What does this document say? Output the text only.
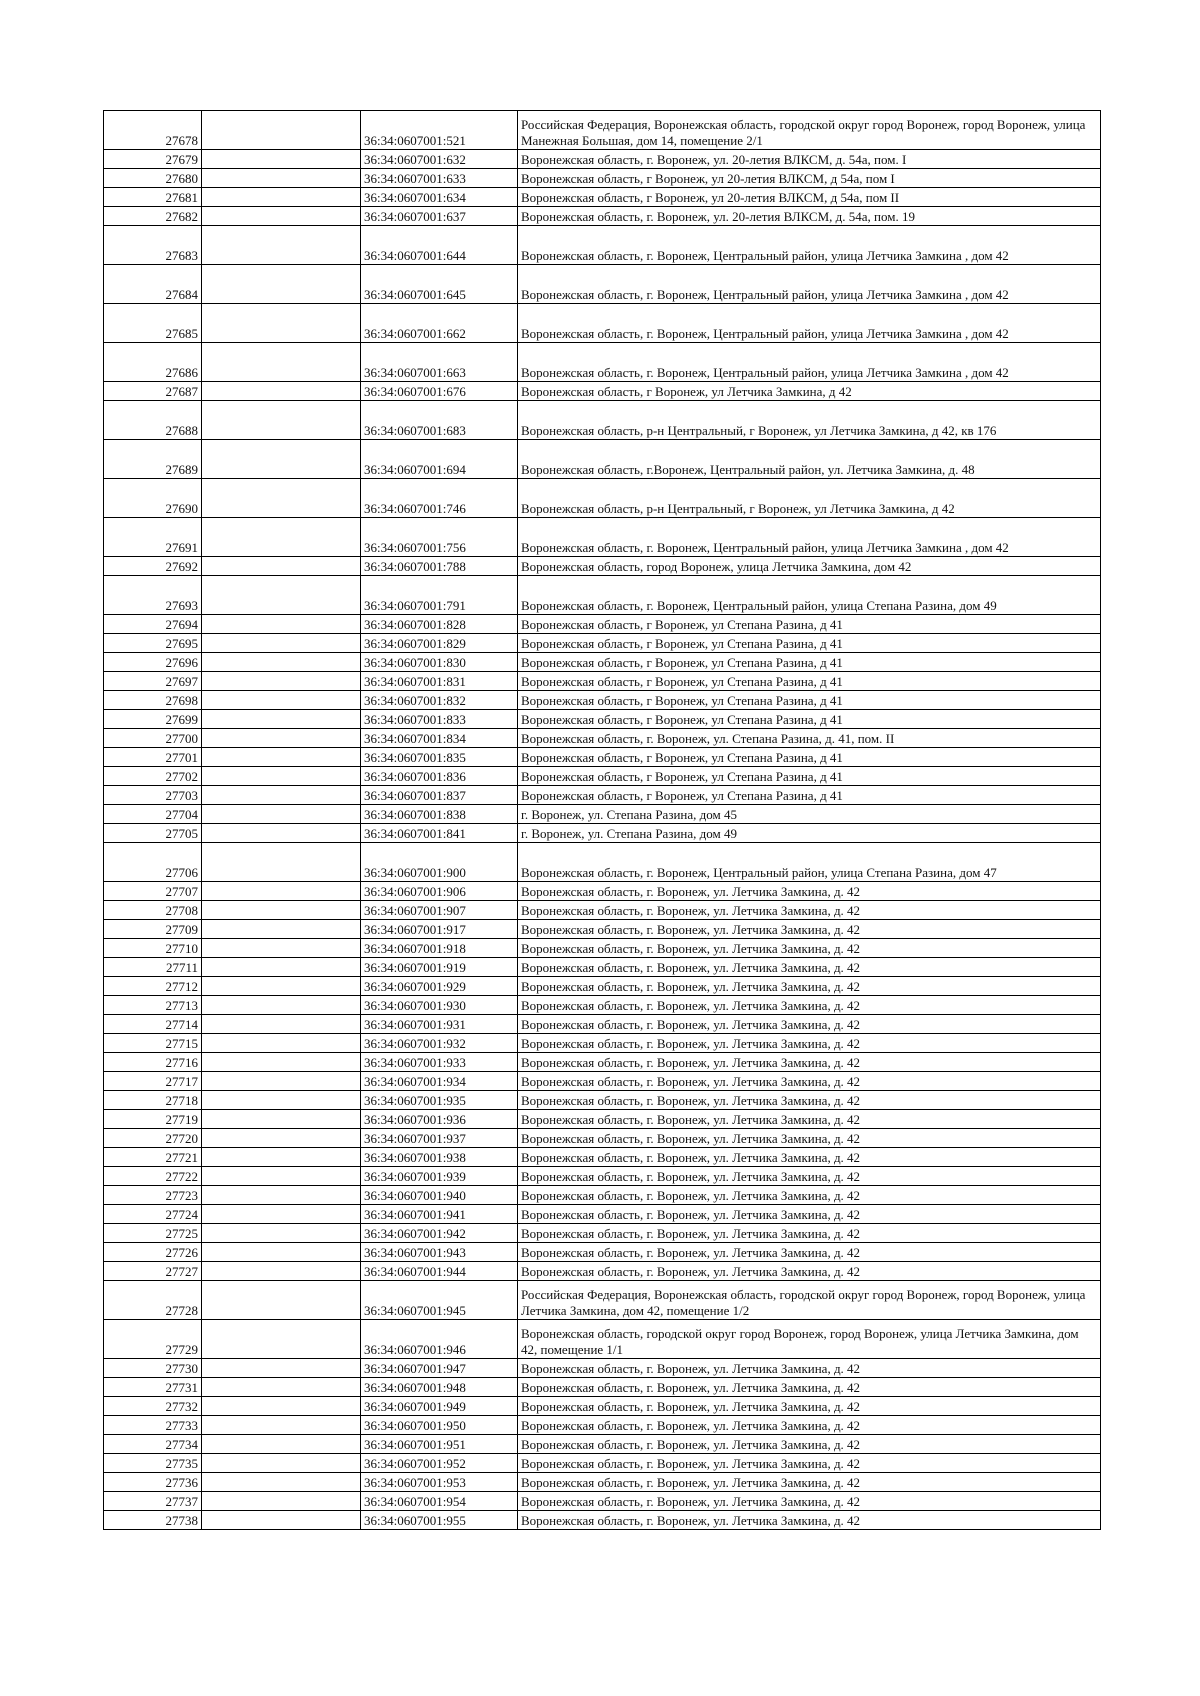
27678		36:34:0607001:521	Российская Федерация, Воронежская область, городской округ город Воронеж, город Воронеж, улица Манежная Большая, дом 14, помещение 2/1
27679		36:34:0607001:632	Воронежская область, г. Воронеж, ул. 20-летия ВЛКСМ, д. 54а, пом. I
27680		36:34:0607001:633	Воронежская область, г Воронеж, ул 20-летия ВЛКСМ, д 54а, пом I
27681		36:34:0607001:634	Воронежская область, г Воронеж, ул 20-летия ВЛКСМ, д 54а, пом II
27682		36:34:0607001:637	Воронежская область, г. Воронеж, ул. 20-летия ВЛКСМ, д. 54а, пом. 19
27683		36:34:0607001:644	Воронежская область, г. Воронеж, Центральный район, улица Летчика Замкина , дом 42
27684		36:34:0607001:645	Воронежская область, г. Воронеж, Центральный район, улица Летчика Замкина , дом 42
27685		36:34:0607001:662	Воронежская область, г. Воронеж, Центральный район, улица Летчика Замкина , дом 42
27686		36:34:0607001:663	Воронежская область, г. Воронеж, Центральный район, улица Летчика Замкина , дом 42
27687		36:34:0607001:676	Воронежская область, г Воронеж, ул Летчика Замкина, д 42
27688		36:34:0607001:683	Воронежская область, р-н Центральный, г Воронеж, ул Летчика Замкина, д 42, кв 176
27689		36:34:0607001:694	Воронежская область, г.Воронеж, Центральный район, ул. Летчика Замкина, д. 48
27690		36:34:0607001:746	Воронежская область, р-н Центральный, г Воронеж, ул Летчика Замкина, д 42
27691		36:34:0607001:756	Воронежская область, г. Воронеж, Центральный район, улица Летчика Замкина , дом 42
27692		36:34:0607001:788	Воронежская область, город Воронеж, улица Летчика Замкина, дом 42
27693		36:34:0607001:791	Воронежская область, г. Воронеж, Центральный район, улица Степана Разина, дом 49
27694		36:34:0607001:828	Воронежская область, г Воронеж, ул Степана Разина, д 41
27695		36:34:0607001:829	Воронежская область, г Воронеж, ул Степана Разина, д 41
27696		36:34:0607001:830	Воронежская область, г Воронеж, ул Степана Разина, д 41
27697		36:34:0607001:831	Воронежская область, г Воронеж, ул Степана Разина, д 41
27698		36:34:0607001:832	Воронежская область, г Воронеж, ул Степана Разина, д 41
27699		36:34:0607001:833	Воронежская область, г Воронеж, ул Степана Разина, д 41
27700		36:34:0607001:834	Воронежская область, г. Воронеж, ул. Степана Разина, д. 41, пом. II
27701		36:34:0607001:835	Воронежская область, г Воронеж, ул Степана Разина, д 41
27702		36:34:0607001:836	Воронежская область, г Воронеж, ул Степана Разина, д 41
27703		36:34:0607001:837	Воронежская область, г Воронеж, ул Степана Разина, д 41
27704		36:34:0607001:838	г. Воронеж, ул. Степана Разина, дом 45
27705		36:34:0607001:841	г. Воронеж, ул. Степана Разина, дом 49
27706		36:34:0607001:900	Воронежская область, г. Воронеж, Центральный район, улица Степана Разина, дом 47
27707		36:34:0607001:906	Воронежская область, г. Воронеж, ул. Летчика Замкина, д. 42
27708		36:34:0607001:907	Воронежская область, г. Воронеж, ул. Летчика Замкина, д. 42
27709		36:34:0607001:917	Воронежская область, г. Воронеж, ул. Летчика Замкина, д. 42
27710		36:34:0607001:918	Воронежская область, г. Воронеж, ул. Летчика Замкина, д. 42
27711		36:34:0607001:919	Воронежская область, г. Воронеж, ул. Летчика Замкина, д. 42
27712		36:34:0607001:929	Воронежская область, г. Воронеж, ул. Летчика Замкина, д. 42
27713		36:34:0607001:930	Воронежская область, г. Воронеж, ул. Летчика Замкина, д. 42
27714		36:34:0607001:931	Воронежская область, г. Воронеж, ул. Летчика Замкина, д. 42
27715		36:34:0607001:932	Воронежская область, г. Воронеж, ул. Летчика Замкина, д. 42
27716		36:34:0607001:933	Воронежская область, г. Воронеж, ул. Летчика Замкина, д. 42
27717		36:34:0607001:934	Воронежская область, г. Воронеж, ул. Летчика Замкина, д. 42
27718		36:34:0607001:935	Воронежская область, г. Воронеж, ул. Летчика Замкина, д. 42
27719		36:34:0607001:936	Воронежская область, г. Воронеж, ул. Летчика Замкина, д. 42
27720		36:34:0607001:937	Воронежская область, г. Воронеж, ул. Летчика Замкина, д. 42
27721		36:34:0607001:938	Воронежская область, г. Воронеж, ул. Летчика Замкина, д. 42
27722		36:34:0607001:939	Воронежская область, г. Воронеж, ул. Летчика Замкина, д. 42
27723		36:34:0607001:940	Воронежская область, г. Воронеж, ул. Летчика Замкина, д. 42
27724		36:34:0607001:941	Воронежская область, г. Воронеж, ул. Летчика Замкина, д. 42
27725		36:34:0607001:942	Воронежская область, г. Воронеж, ул. Летчика Замкина, д. 42
27726		36:34:0607001:943	Воронежская область, г. Воронеж, ул. Летчика Замкина, д. 42
27727		36:34:0607001:944	Воронежская область, г. Воронеж, ул. Летчика Замкина, д. 42
27728		36:34:0607001:945	Российская Федерация, Воронежская область, городской округ город Воронеж, город Воронеж, улица Летчика Замкина, дом 42, помещение 1/2
27729		36:34:0607001:946	Воронежская область, городской округ город Воронеж, город Воронеж, улица Летчика Замкина, дом 42, помещение 1/1
27730		36:34:0607001:947	Воронежская область, г. Воронеж, ул. Летчика Замкина, д. 42
27731		36:34:0607001:948	Воронежская область, г. Воронеж, ул. Летчика Замкина, д. 42
27732		36:34:0607001:949	Воронежская область, г. Воронеж, ул. Летчика Замкина, д. 42
27733		36:34:0607001:950	Воронежская область, г. Воронеж, ул. Летчика Замкина, д. 42
27734		36:34:0607001:951	Воронежская область, г. Воронеж, ул. Летчика Замкина, д. 42
27735		36:34:0607001:952	Воронежская область, г. Воронеж, ул. Летчика Замкина, д. 42
27736		36:34:0607001:953	Воронежская область, г. Воронеж, ул. Летчика Замкина, д. 42
27737		36:34:0607001:954	Воронежская область, г. Воронеж, ул. Летчика Замкина, д. 42
27738		36:34:0607001:955	Воронежская область, г. Воронеж, ул. Летчика Замкина, д. 42
